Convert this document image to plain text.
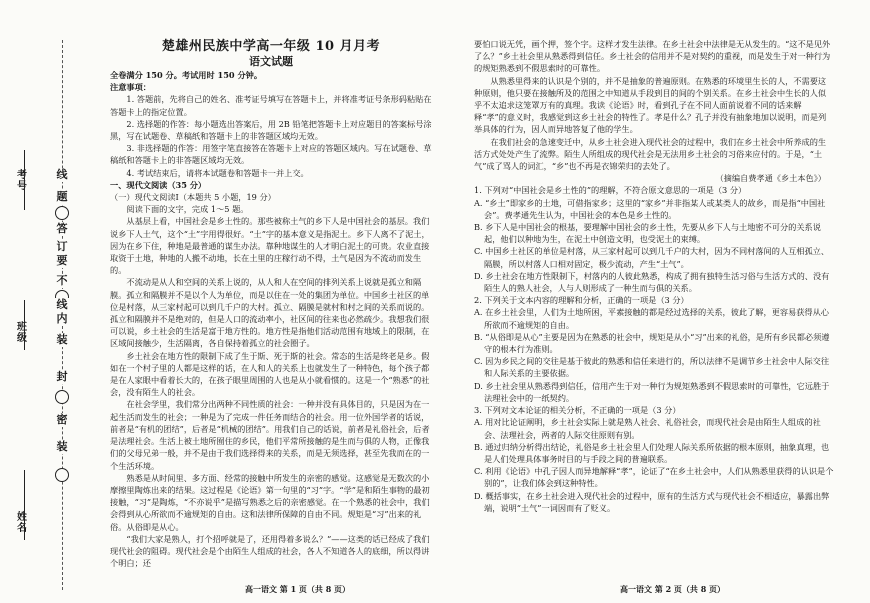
线
题
答
订
要
不
内
线
装
封
密
装
考
号
班
级
姓
名

楚雄州民族中学高一年级 10 月月考

语文试题

全卷满分 150 分。考试用时 150 分钟。

注意事项：

1. 答题前，先将自己的姓名、准考证号填写在答题卡上，并将准考证号条形码粘贴在答题卡上的指定位置。

2. 选择题的作答：每小题选出答案后，用 2B 铅笔把答题卡上对应题目的答案标号涂黑，写在试题卷、草稿纸和答题卡上的非答题区域均无效。

3. 非选择题的作答：用签字笔直接答在答题卡上对应的答题区域内。写在试题卷、草稿纸和答题卡上的非答题区域均无效。

4. 考试结束后，请将本试题卷和答题卡一并上交。

一、现代文阅读（35 分）

（一）现代文阅读Ⅰ（本题共 5 小题，19 分）

阅读下面的文字，完成 1～5 题。

从基层上看，中国社会是乡土性的。那些被称土气的乡下人是中国社会的基层。我们说乡下人土气，这个“土”字用得很好。“土”字的基本意义是指泥土。乡下人离不了泥土，因为在乡下住，种地是最普通的谋生办法。靠种地谋生的人才明白泥土的可贵。农业直接取资于土地，种地的人搬不动地，长在土里的庄稼行动不得，土气是因为不流动而发生的。

不流动是从人和空间的关系上说的，从人和人在空间的排列关系上说就是孤立和隔膜。孤立和隔膜并不是以个人为单位，而是以住在一处的集团为单位。中国乡土社区的单位是村落，从三家村起可以到几千户的大村。孤立、隔膜是就村和村之间的关系而说的。孤立和隔膜并不是绝对的，但是人口的流动率小，社区间的往来也必然疏少。我想我们很可以说，乡土社会的生活是富于地方性的。地方性是指他们活动范围有地域上的限制，在区域间接触少，生活隔离，各自保持着孤立的社会圈子。

乡土社会在地方性的限制下成了生于斯、死于斯的社会。常态的生活是终老是乡。假如在一个村子里的人都是这样的话，在人和人的关系上也就发生了一种特色，每个孩子都是在人家眼中看着长大的，在孩子眼里周围的人也是从小就看惯的。这是一个“熟悉”的社会，没有陌生人的社会。

在社会学里，我们常分出两种不同性质的社会：一种并没有具体目的，只是因为在一起生活而发生的社会；一种是为了完成一件任务而结合的社会。用一位外国学者的话说，前者是“有机的团结”，后者是“机械的团结”。用我们自己的话说，前者是礼俗社会，后者是法理社会。生活上被土地所囿住的乡民，他们平常所接触的是生而与俱的人物，正像我们的父母兄弟一般，并不是由于我们选择得来的关系，而是无须选择，甚至先我而在的一个生活环境。

熟悉是从时间里、多方面、经常的接触中所发生的亲密的感觉。这感觉是无数次的小摩擦里陶炼出来的结果。这过程是《论语》第一句里的“习”字。“学”是和陌生事物的最初接触，“习”是陶炼，“不亦说乎”是描写熟悉之后的亲密感觉。在一个熟悉的社会中，我们会得到从心所欲而不逾规矩的自由。这和法律所保障的自由不同。规矩是“习”出来的礼俗。从俗即是从心。

“我们大家是熟人，打个招呼就是了，还用得着多说么？”——这类的话已经成了我们现代社会的阻碍。现代社会是个由陌生人组成的社会，各人不知道各人的底细，所以得讲个明白；还

要怕口说无凭，画个押，签个字。这样才发生法律。在乡土社会中法律是无从发生的。“这不是见外了么？”乡土社会里从熟悉得到信任。乡土社会的信用并不是对契约的重视，而是发生于对一种行为的规矩熟悉到不假思索时的可靠性。

从熟悉里得来的认识是个别的，并不是抽象的普遍原则。在熟悉的环境里生长的人，不需要这种原则，他只要在接触所及的范围之中知道从手段到目的间的个别关系。在乡土社会中生长的人似乎不太追求这笼罩万有的真理。我读《论语》时，看到孔子在不同人面前说着不同的话来解释“孝”的意义时，我感觉到这乡土社会的特性了。孝是什么？孔子并没有抽象地加以说明，而是列举具体的行为，因人而异地答复了他的学生。

在我们社会的急速变迁中，从乡土社会进入现代社会的过程中，我们在乡土社会中所养成的生活方式处处产生了流弊。陌生人所组成的现代社会是无法用乡土社会的习俗来应付的。于是，“土气”成了骂人的词汇，“乡”也不再是衣锦荣归的去处了。

（摘编自费孝通《乡土本色》）

1. 下列对“中国社会是乡土性的”的理解，不符合原文意思的一项是（3 分）

A. “乡土”即家乡的土地，可借指家乡；这里的“家乡”并非指某人或某类人的故乡，而是指“中国社会”。费孝通先生认为，中国社会的本色是乡土性的。

B. 乡下人是中国社会的根基，要理解中国社会的乡土性，先要从乡下人与土地密不可分的关系说起，他们以种地为生，在泥土中创造文明，也受泥土的束缚。

C. 中国乡土社区的单位是村落，从三家村起可以到几千户的大村，因为不同村落间的人互相孤立、隔膜，所以村落人口相对固定，极少流动，产生“土气”。

D. 乡土社会在地方性限制下，村落内的人彼此熟悉，构成了拥有独特生活习俗与生活方式的、没有陌生人的熟人社会，人与人则形成了一种生而与俱的关系。

2. 下列关于文本内容的理解和分析，正确的一项是（3 分）

A. 在乡土社会里，人们为土地所困，平素接触的都是经过选择的关系，彼此了解，更容易获得从心所欲而不逾规矩的自由。

B. “从俗即是从心”主要是因为在熟悉的社会中，规矩是从小“习”出来的礼俗，是所有乡民都必须遵守的根本行为准则。

C. 因为乡民之间的交往是基于彼此的熟悉和信任来进行的，所以法律不是调节乡土社会中人际交往和人际关系的主要依据。

D. 乡土社会里从熟悉得到信任，信用产生于对一种行为规矩熟悉到不假思索时的可靠性，它远胜于法理社会中的一纸契约。

3. 下列对文本论证的相关分析，不正确的一项是（3 分）

A. 用对比论证阐明，乡土社会实际上就是熟人社会、礼俗社会，而现代社会是由陌生人组成的社会、法理社会，两者的人际交往原则有别。

B. 通过归纳分析得出结论，礼俗是乡土社会里人们处理人际关系所依据的根本原则，抽象真理，也是人们处理具体事务时目的与手段之间的普遍联系。

C. 利用《论语》中孔子因人而异地解释“孝”，论证了“在乡土社会中，人们从熟悉里获得的认识是个别的”，让我们体会到这种特性。

D. 概括事实，在乡土社会进入现代社会的过程中，原有的生活方式与现代社会不相适应，暴露出弊端，说明“土气”一词因而有了贬义。

高一语文 第 1 页（共 8 页）	高一语文 第 2 页（共 8 页）
